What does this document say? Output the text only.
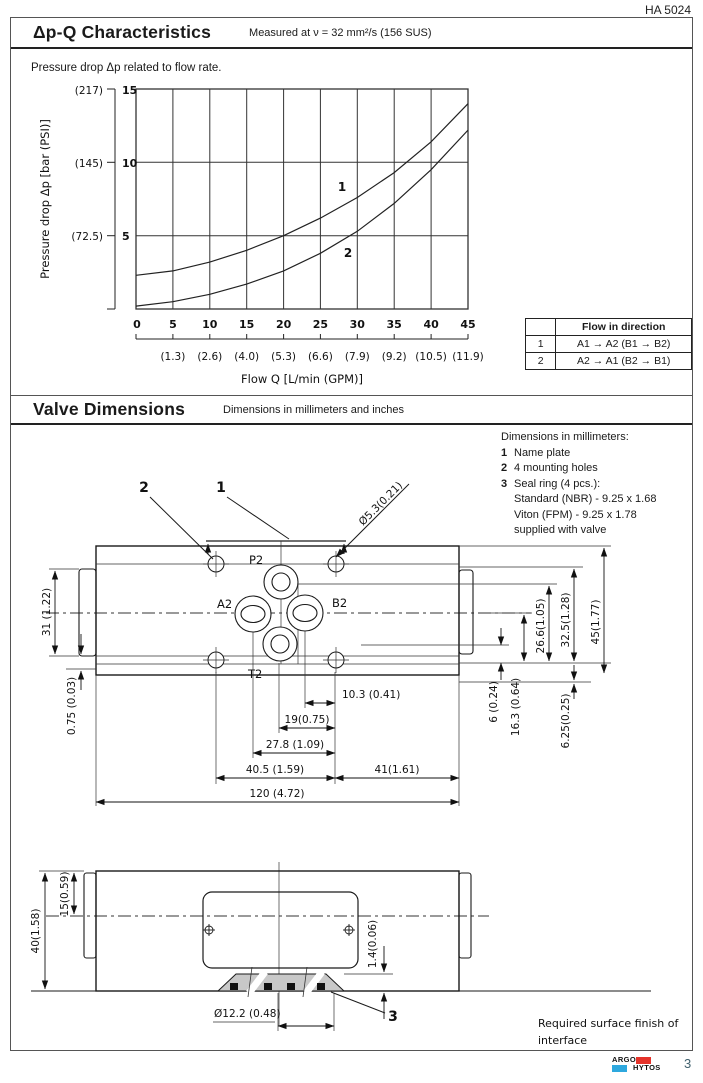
HA 5024
Δp-Q Characteristics	Measured at ν = 32 mm²/s (156 SUS)
Pressure drop Δp related to flow rate.
1
2
15
10
5
(217)
(145)
(72.5)
Pressure drop Δp [bar (PSI)]
0	5 10 15 20 25 30 35 40 45
(1.3) (2.6) (4.0) (5.3) (6.6) (7.9) (9.2) (10.5) (11.9)
Flow Q [L/min (GPM)]
	Flow in direction
1	A1 → A2 (B1 → B2)
2	A2 → A1 (B2 → B1)
Valve Dimensions	Dimensions in millimeters and inches
Dimensions in millimeters:
1 Name plate
2 4 mounting holes
3 Seal ring (4 pcs.):
Standard (NBR) - 9.25 x 1.68
Viton (FPM) - 9.25 x 1.78
supplied with valve
P2
A2	B2
T2
2	1	Ø5.3(0.21)
31 (1.22)
0.75 (0.03)	6 (0.24) 16.3 (0.64)
26.6(1.05) 32.5(1.28) 45(1.77)
6.25(0.25)
10.3 (0.41)
19(0.75)
27.8 (1.09)
40.5 (1.59)	41(1.61)
120 (4.72)
40(1.58)
15(0.59)
1.4(0.06)
Ø12.2 (0.48)	3	Required surface finish of
interface
ARGO
HYTOS 3
